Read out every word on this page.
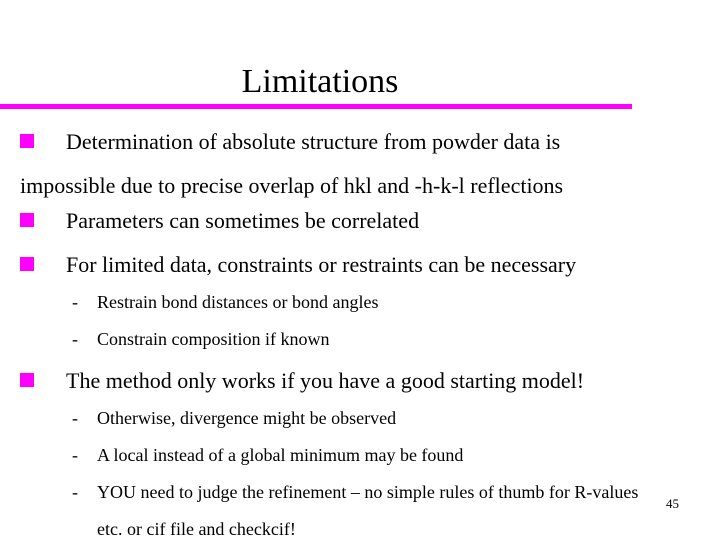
Limitations
Determination of absolute structure from powder data is impossible due to precise overlap of hkl and -h-k-l reflections
Parameters can sometimes be correlated
For limited data, constraints or restraints can be necessary
-	Restrain bond distances or bond angles
-	Constrain composition if known
The method only works if you have a good starting model!
-	Otherwise, divergence might be observed
-	A local instead of a global minimum may be found
-	YOU need to judge the refinement – no simple rules of thumb for R-values etc. or cif file and checkcif!
45
